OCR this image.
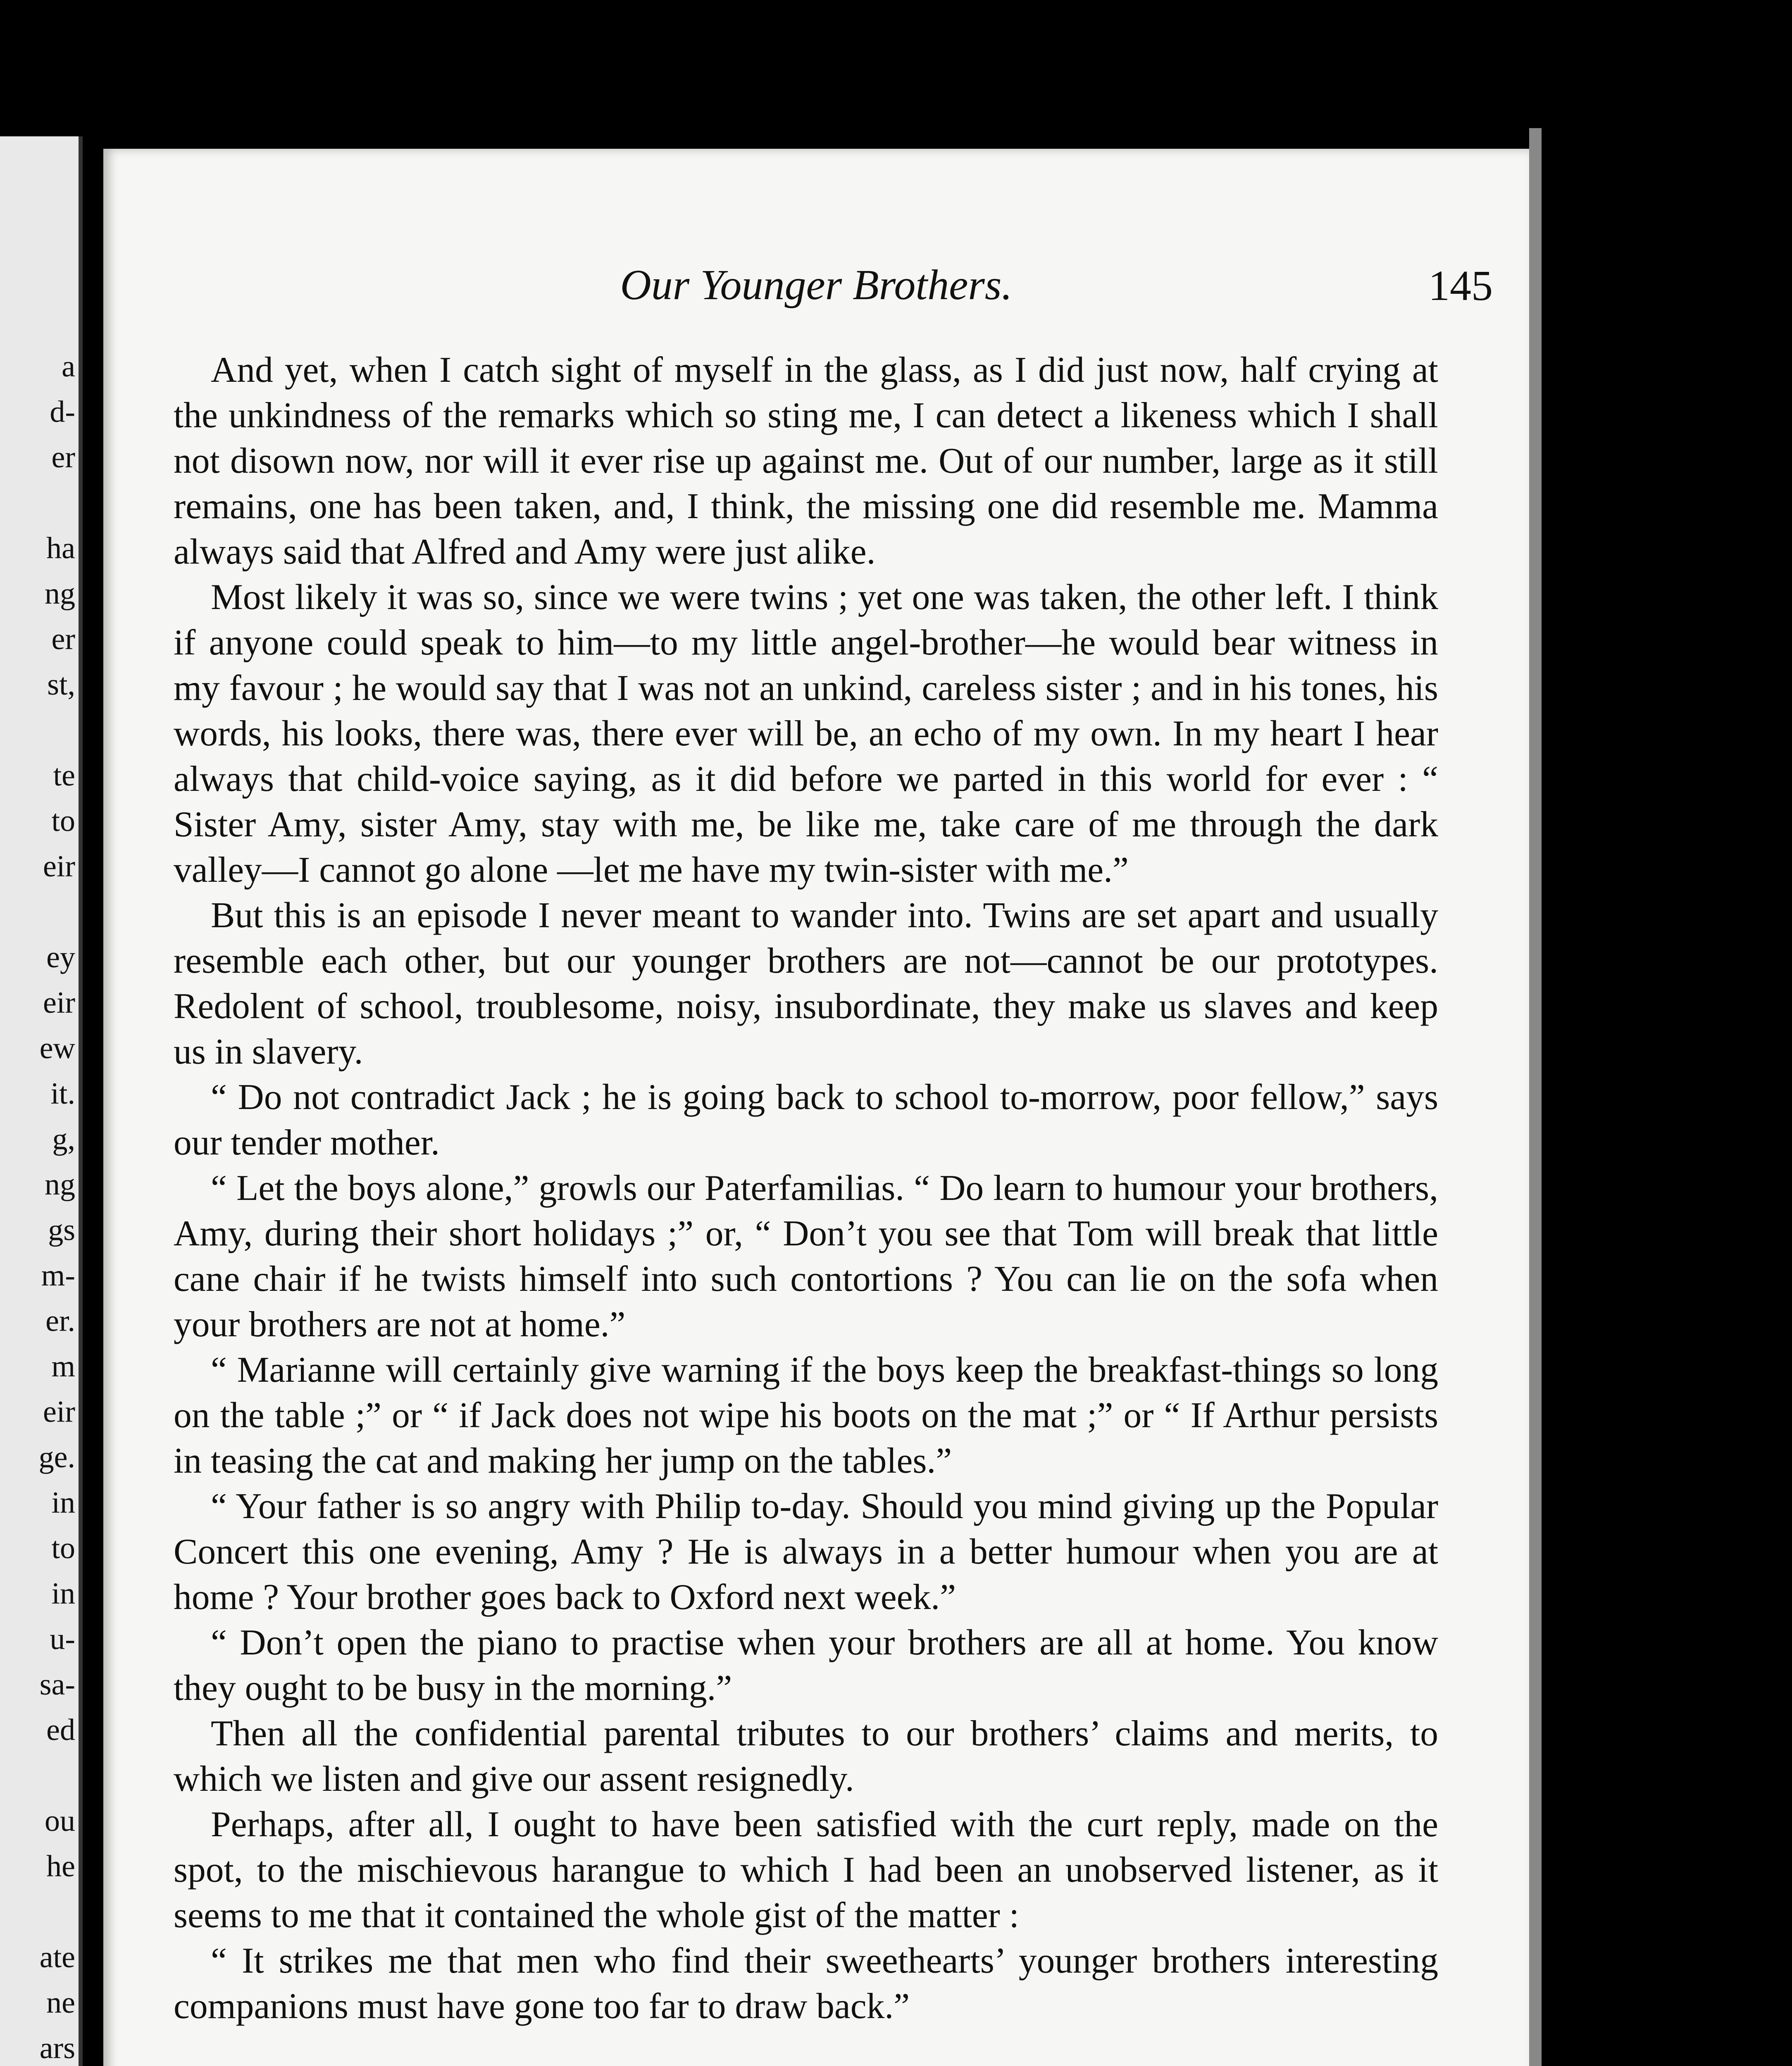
a
d-
er
ha
ng
er
st,
te
to
eir
ey
eir
ew
it.
g,
ng
gs
m-
er.
m
eir
ge.
in
to
in
u-
sa-
ed
ou
he
ate
ne
ars
Our Younger Brothers.	145

And yet, when I catch sight of myself in the glass, as I did just now, half crying at the unkindness of the remarks which so sting me, I can detect a likeness which I shall not disown now, nor will it ever rise up against me. Out of our number, large as it still remains, one has been taken, and, I think, the missing one did resemble me. Mamma always said that Alfred and Amy were just alike.

Most likely it was so, since we were twins ; yet one was taken, the other left. I think if anyone could speak to him—to my little angel-brother—he would bear witness in my favour ; he would say that I was not an unkind, careless sister ; and in his tones, his words, his looks, there was, there ever will be, an echo of my own. In my heart I hear always that child-voice saying, as it did before we parted in this world for ever : “ Sister Amy, sister Amy, stay with me, be like me, take care of me through the dark valley—I cannot go alone —let me have my twin-sister with me.”

But this is an episode I never meant to wander into. Twins are set apart and usually resemble each other, but our younger brothers are not—cannot be our prototypes. Redolent of school, troublesome, noisy, insubordinate, they make us slaves and keep us in slavery.

“ Do not contradict Jack ; he is going back to school to-morrow, poor fellow,” says our tender mother.

“ Let the boys alone,” growls our Paterfamilias. “ Do learn to humour your brothers, Amy, during their short holidays ;” or, “ Don’t you see that Tom will break that little cane chair if he twists himself into such contortions ? You can lie on the sofa when your brothers are not at home.”

“ Marianne will certainly give warning if the boys keep the breakfast-things so long on the table ;” or “ if Jack does not wipe his boots on the mat ;” or “ If Arthur persists in teasing the cat and making her jump on the tables.”

“ Your father is so angry with Philip to-day. Should you mind giving up the Popular Concert this one evening, Amy ? He is always in a better humour when you are at home ? Your brother goes back to Oxford next week.”

“ Don’t open the piano to practise when your brothers are all at home. You know they ought to be busy in the morning.”

Then all the confidential parental tributes to our brothers’ claims and merits, to which we listen and give our assent resignedly.

Perhaps, after all, I ought to have been satisfied with the curt reply, made on the spot, to the mischievous harangue to which I had been an unobserved listener, as it seems to me that it contained the whole gist of the matter :

“ It strikes me that men who find their sweethearts’ younger brothers interesting companions must have gone too far to draw back.”
